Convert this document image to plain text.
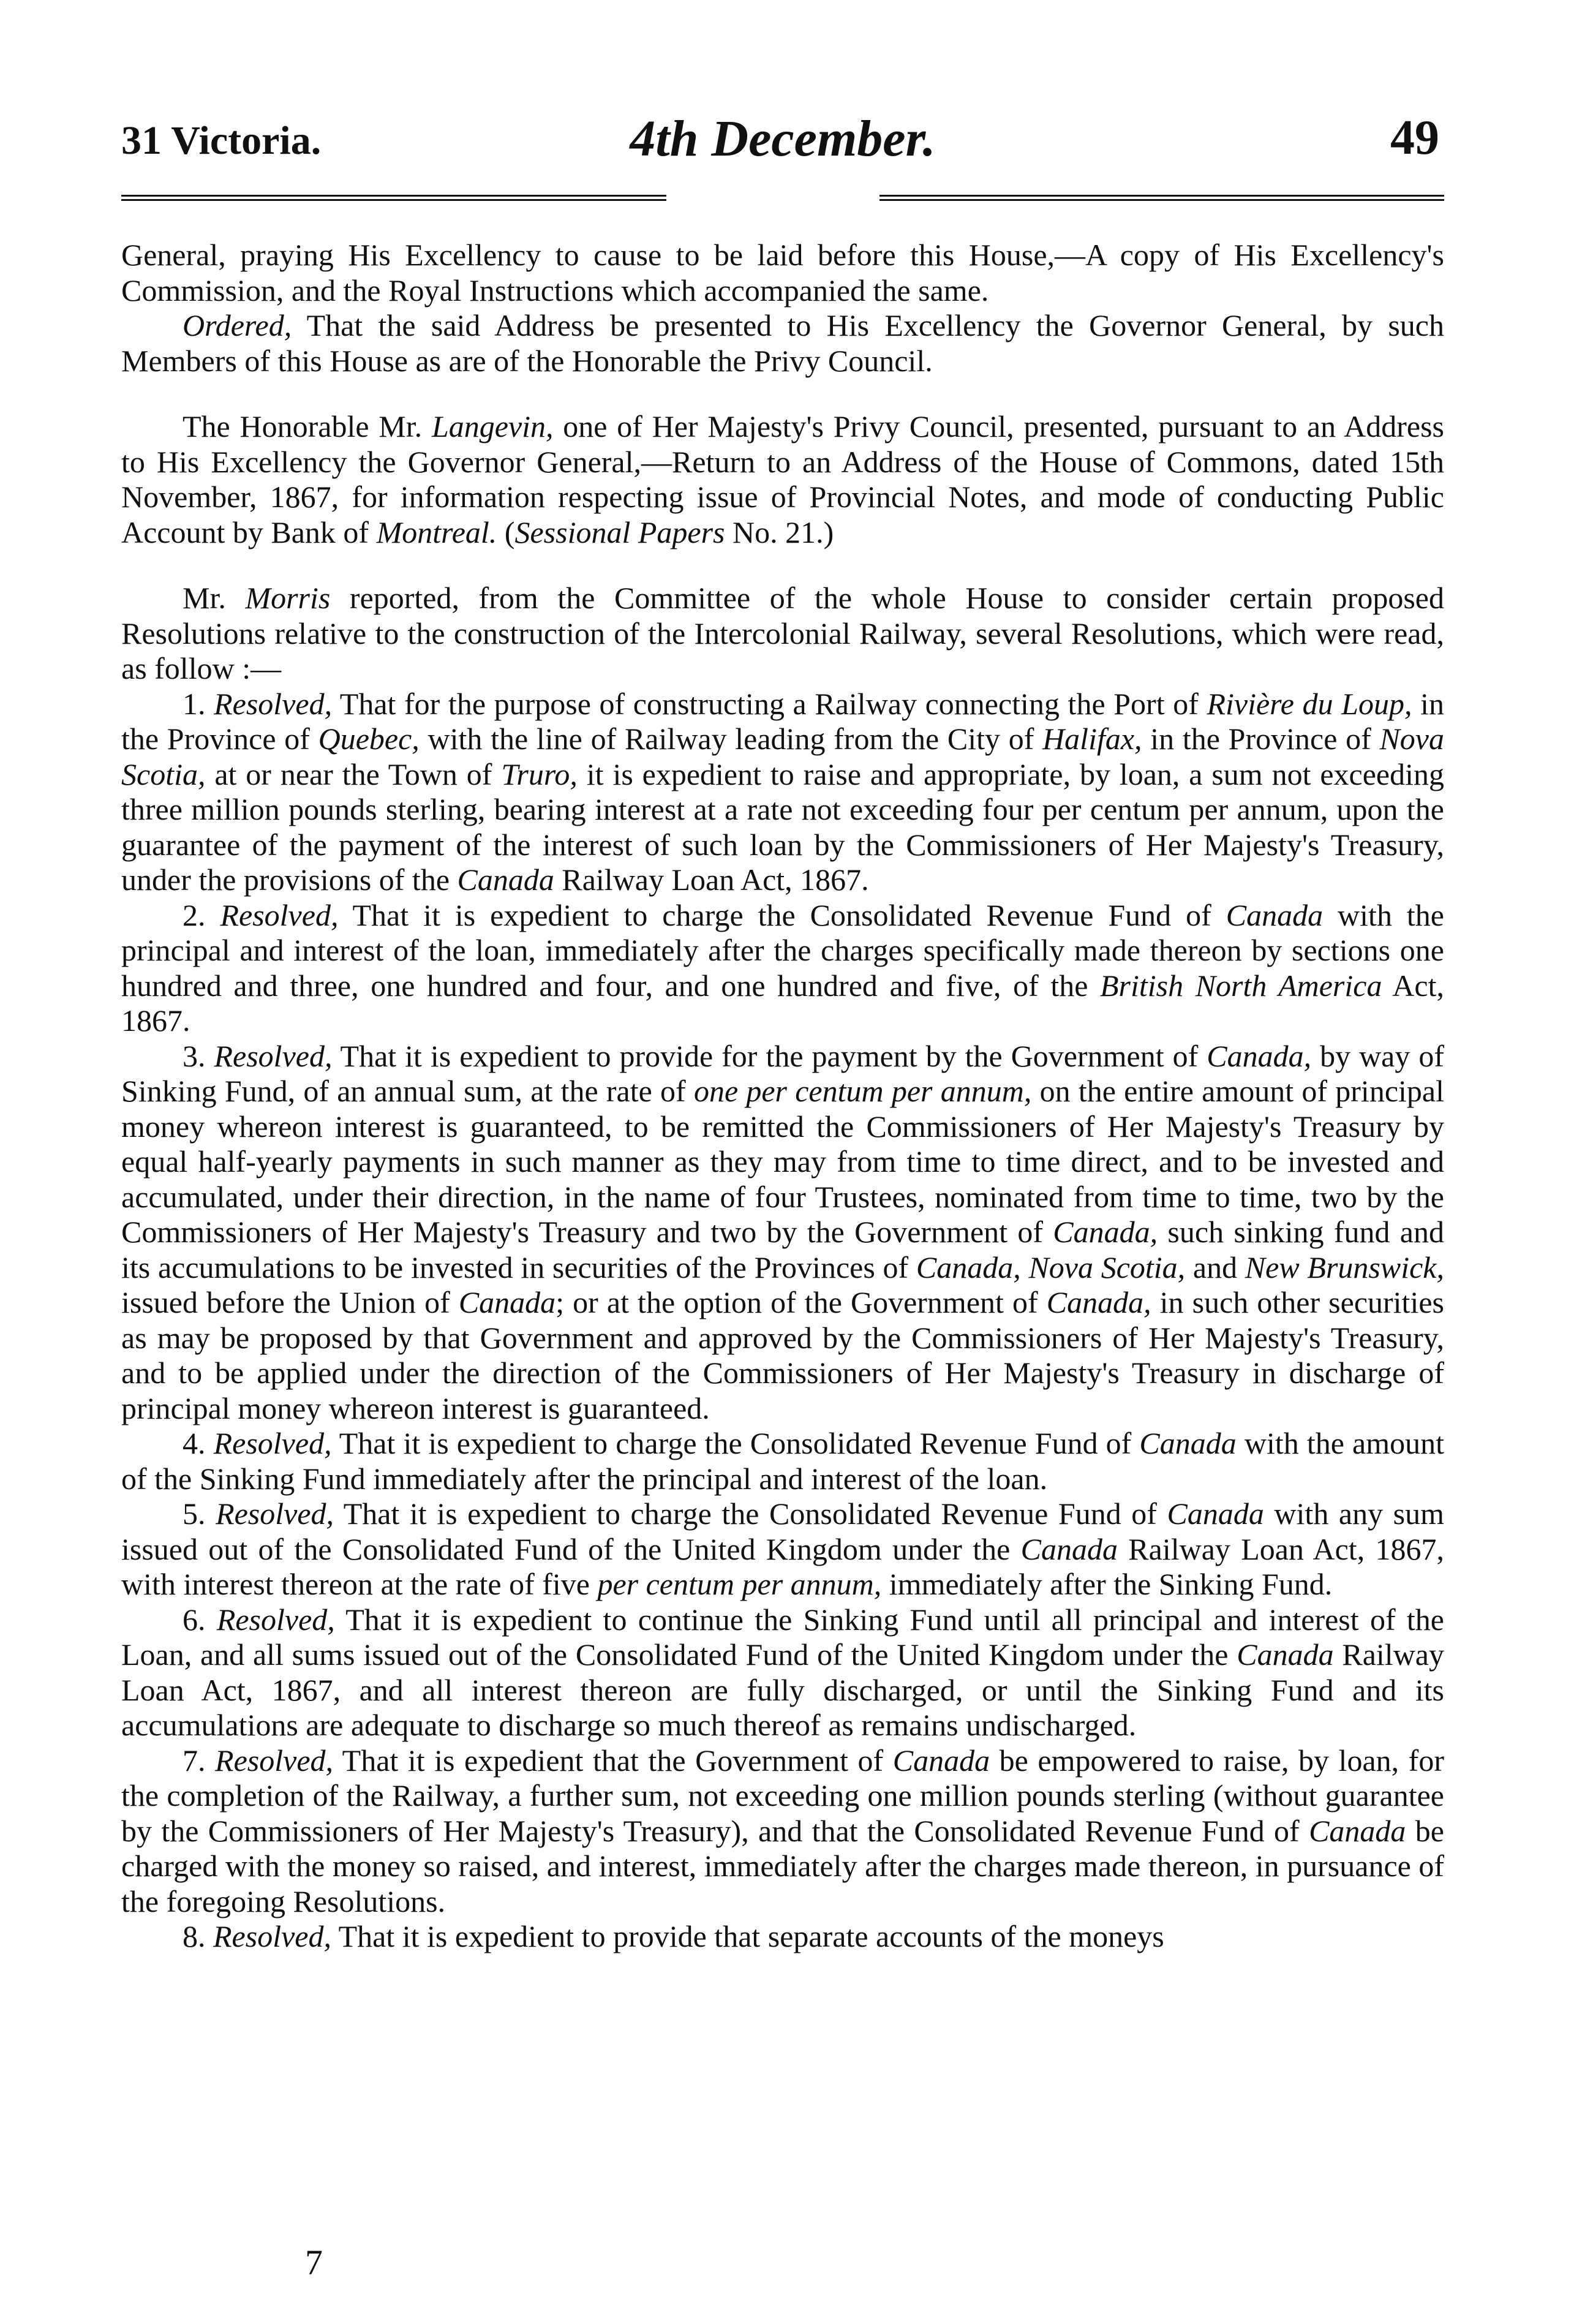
31 Victoria.	4th December.	49

General, praying His Excellency to cause to be laid before this House,—A copy of His Excellency's Commission, and the Royal Instructions which accompanied the same.

Ordered, That the said Address be presented to His Excellency the Governor General, by such Members of this House as are of the Honorable the Privy Council.

The Honorable Mr. Langevin, one of Her Majesty's Privy Council, presented, pursuant to an Address to His Excellency the Governor General,—Return to an Address of the House of Commons, dated 15th November, 1867, for information respecting issue of Provincial Notes, and mode of conducting Public Account by Bank of Montreal. (Sessional Papers No. 21.)

Mr. Morris reported, from the Committee of the whole House to consider certain proposed Resolutions relative to the construction of the Intercolonial Railway, several Resolutions, which were read, as follow :—

1. Resolved, That for the purpose of constructing a Railway connecting the Port of Rivière du Loup, in the Province of Quebec, with the line of Railway leading from the City of Halifax, in the Province of Nova Scotia, at or near the Town of Truro, it is expedient to raise and appropriate, by loan, a sum not exceeding three million pounds sterling, bearing interest at a rate not exceeding four per centum per annum, upon the guarantee of the payment of the interest of such loan by the Commissioners of Her Majesty's Treasury, under the provisions of the Canada Railway Loan Act, 1867.

2. Resolved, That it is expedient to charge the Consolidated Revenue Fund of Canada with the principal and interest of the loan, immediately after the charges specifically made thereon by sections one hundred and three, one hundred and four, and one hundred and five, of the British North America Act, 1867.

3. Resolved, That it is expedient to provide for the payment by the Government of Canada, by way of Sinking Fund, of an annual sum, at the rate of one per centum per annum, on the entire amount of principal money whereon interest is guaranteed, to be remitted the Commissioners of Her Majesty's Treasury by equal half-yearly payments in such manner as they may from time to time direct, and to be invested and accumulated, under their direction, in the name of four Trustees, nominated from time to time, two by the Commissioners of Her Majesty's Treasury and two by the Government of Canada, such sinking fund and its accumulations to be invested in securities of the Provinces of Canada, Nova Scotia, and New Brunswick, issued before the Union of Canada; or at the option of the Government of Canada, in such other securities as may be proposed by that Government and approved by the Commissioners of Her Majesty's Treasury, and to be applied under the direction of the Commissioners of Her Majesty's Treasury in discharge of principal money whereon interest is guaranteed.

4. Resolved, That it is expedient to charge the Consolidated Revenue Fund of Canada with the amount of the Sinking Fund immediately after the principal and interest of the loan.

5. Resolved, That it is expedient to charge the Consolidated Revenue Fund of Canada with any sum issued out of the Consolidated Fund of the United Kingdom under the Canada Railway Loan Act, 1867, with interest thereon at the rate of five per centum per annum, immediately after the Sinking Fund.

6. Resolved, That it is expedient to continue the Sinking Fund until all principal and interest of the Loan, and all sums issued out of the Consolidated Fund of the United Kingdom under the Canada Railway Loan Act, 1867, and all interest thereon are fully discharged, or until the Sinking Fund and its accumulations are adequate to discharge so much thereof as remains undischarged.

7. Resolved, That it is expedient that the Government of Canada be empowered to raise, by loan, for the completion of the Railway, a further sum, not exceeding one million pounds sterling (without guarantee by the Commissioners of Her Majesty's Treasury), and that the Consolidated Revenue Fund of Canada be charged with the money so raised, and interest, immediately after the charges made thereon, in pursuance of the foregoing Resolutions.

8. Resolved, That it is expedient to provide that separate accounts of the moneys

7
